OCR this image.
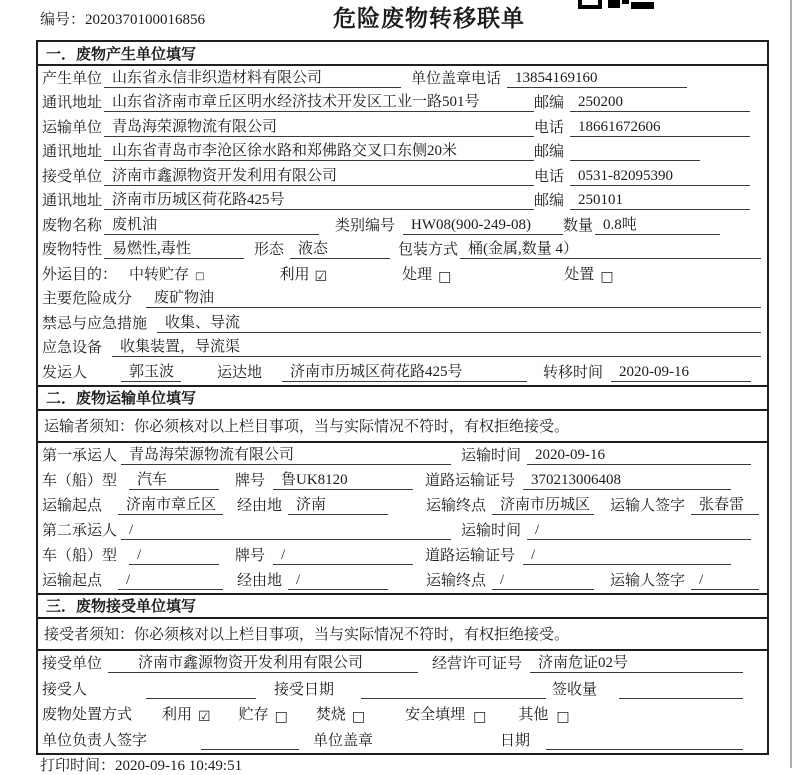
编号：2020370100016856	危险废物转移联单
一．废物产生单位填写
产生单位 山东省永信非织造材料有限公司	单位盖章 电话 13854169160
通讯地址 山东省济南市章丘区明水经济技术开发区工业一路501号	邮编 250200
运输单位 青岛海荣源物流有限公司	电话 18661672606
通讯地址 山东省青岛市李沧区徐水路和郑佛路交叉口东侧20米	邮编
接受单位 济南市鑫源物资开发利用有限公司	电话 0531-82095390
通讯地址 济南市历城区荷花路425号	邮编 250101
废物名称 废机油	类别编号	HW08(900-249-08)	数量 0.8吨
废物特性 易燃性,毒性	形态 液态	包装方式 桶(金属,数量 4）
外运目的： 中转贮存 □	利用 ☑	处理 □	处置 □
主要危险成分	废矿物油
禁忌与应急措施	收集、导流
应急设备	收集装置，导流渠
发运人	郭玉波	运达地	济南市历城区荷花路425号	转移时间	2020-09-16
二．废物运输单位填写
运输者须知：你必须核对以上栏目事项，当与实际情况不符时，有权拒绝接受。
第一承运人 青岛海荣源物流有限公司	运输时间 2020-09-16
车（船）型	汽车	牌号	鲁UK8120	道路运输证号	370213006408
运输起点	济南市章丘区	经由地 济南	运输终点 济南市历城区 运输人签字 张春雷
第二承运人 /	运输时间 /
车（船）型	/	牌号	/	道路运输证号	/
运输起点	/	经由地 /	运输终点 /	运输人签字 /
三．废物接受单位填写
接受者须知：你必须核对以上栏目事项，当与实际情况不符时，有权拒绝接受。
接受单位	济南市鑫源物资开发利用有限公司	经营许可证号	济南危证02号
接受人	接受日期	签收量
废物处置方式 利用 ☑ 贮存 □ 焚烧 □	安全填埋 □ 其他 □
单位负责人签字	单位盖章	日期
打印时间：2020-09-16 10:49:51
